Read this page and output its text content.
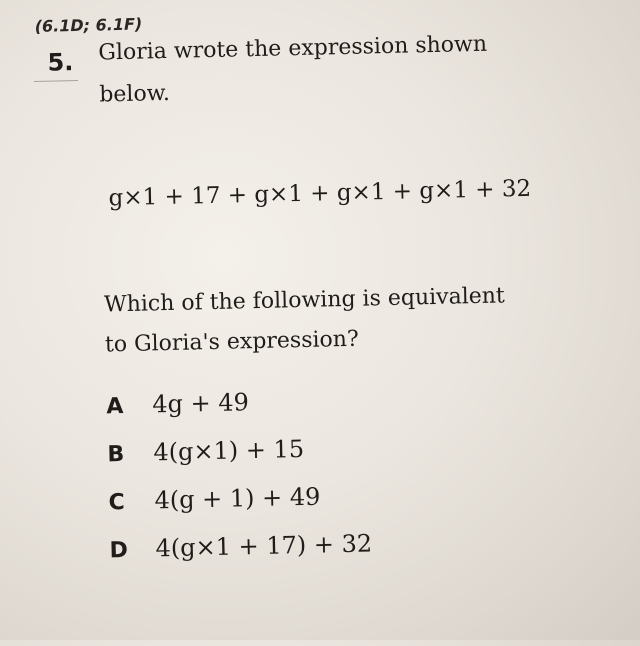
(6.1D; 6.1F)
5. Gloria wrote the expression shown
below.
g×1 + 17 + g×1 + g×1 + g×1 + 32
Which of the following is equivalent
to Gloria's expression?
A	4g + 49
B	4(g×1) + 15
C	4(g + 1) + 49
D	4(g×1 + 17) + 32
